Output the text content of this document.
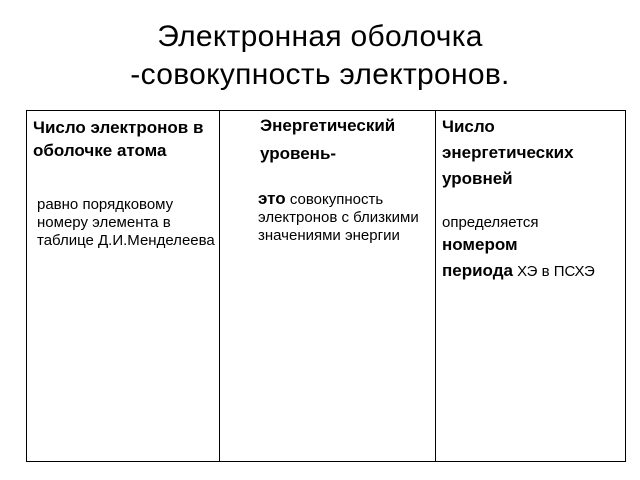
Электронная оболочка
-совокупность электронов.
Число электронов в оболочке атома
равно порядковому номеру элемента в таблице Д.И.Менделеева
Энергетический
уровень-
это совокупность электронов с близкими значениями энергии
Число
энергетических
уровней
определяется
номером
периода ХЭ в ПСХЭ
